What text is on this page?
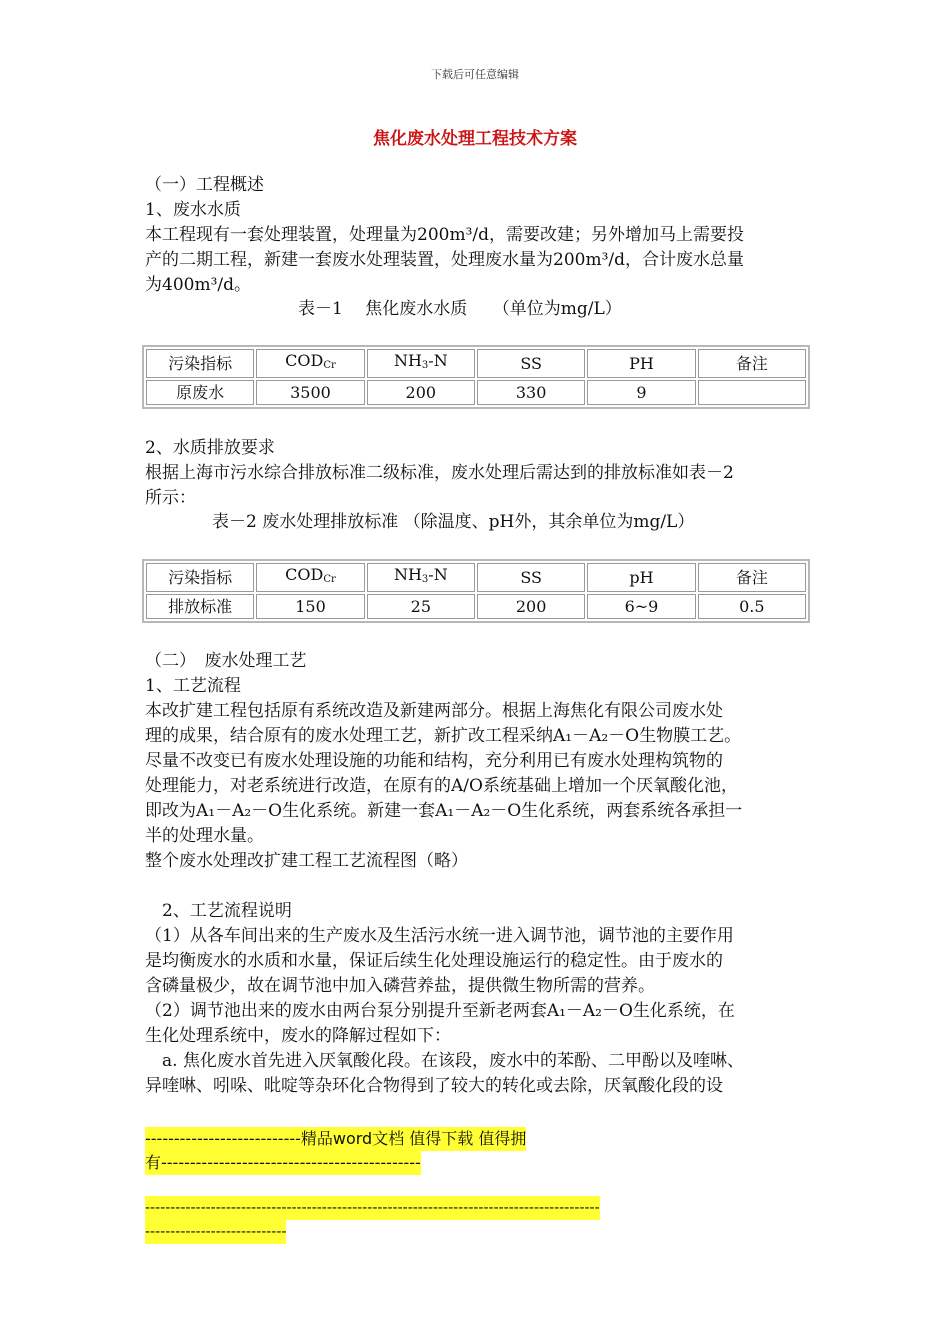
下载后可任意编辑
焦化废水处理工程技术方案
（一）工程概述
1、废水水质
本工程现有一套处理装置，处理量为200m³/d，需要改建；另外增加马上需要投
产的二期工程，新建一套废水处理装置，处理废水量为200m³/d，合计废水总量
为400m³/d。
表－1　 焦化废水水质　　（单位为mg/L）
污染指标	$COD_{Cr}$	$NH_3-N$	SS	PH	备注
原废水	3500	200	330	9	
2、水质排放要求
根据上海市污水综合排放标准二级标准，废水处理后需达到的排放标准如表－2
所示：
表－2 废水处理排放标准 （除温度、pH外，其余单位为mg/L）
污染指标	$COD_{Cr}$	$NH_3-N$	SS	pH	备注
排放标准	150	25	200	6~9	0.5
（二）　废水处理工艺
1、工艺流程
本改扩建工程包括原有系统改造及新建两部分。根据上海焦化有限公司废水处
理的成果，结合原有的废水处理工艺，新扩改工程采纳A₁－A₂－O生物膜工艺。
尽量不改变已有废水处理设施的功能和结构，充分利用已有废水处理构筑物的
处理能力，对老系统进行改造，在原有的A/O系统基础上增加一个厌氧酸化池，
即改为A₁－A₂－O生化系统。新建一套A₁－A₂－O生化系统，两套系统各承担一
半的处理水量。
整个废水处理改扩建工程工艺流程图（略）
　2、工艺流程说明
（1）从各车间出来的生产废水及生活污水统一进入调节池，调节池的主要作用
是均衡废水的水质和水量，保证后续生化处理设施运行的稳定性。由于废水的
含磷量极少，故在调节池中加入磷营养盐，提供微生物所需的营养。
（2）调节池出来的废水由两台泵分别提升至新老两套A₁－A₂－O生化系统，在
生化处理系统中，废水的降解过程如下：
　a. 焦化废水首先进入厌氧酸化段。在该段，废水中的苯酚、二甲酚以及喹啉、
异喹啉、吲哚、吡啶等杂环化合物得到了较大的转化或去除，厌氧酸化段的设
---------------------------精品word文档 值得下载 值得拥
有---------------------------------------------
------------------------------------------------------------------------------------------
----------------------------
